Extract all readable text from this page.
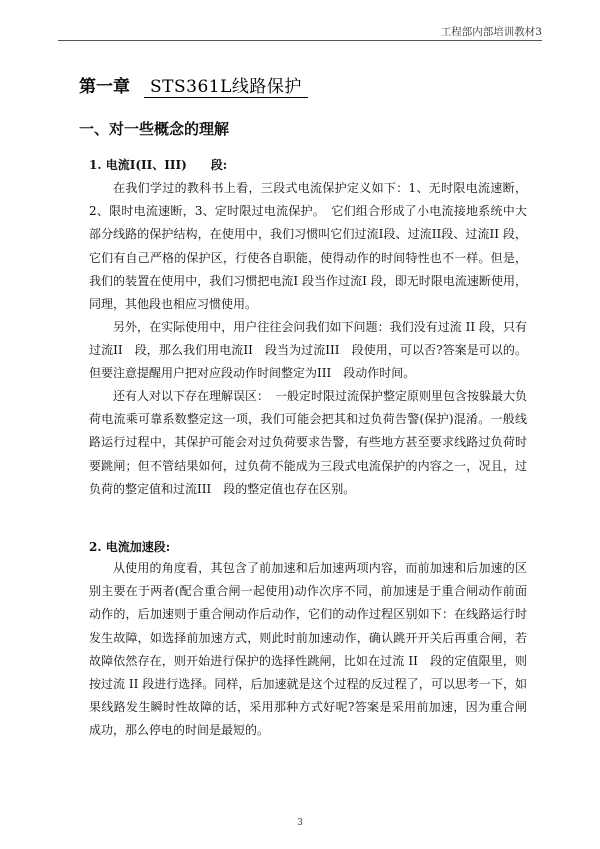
工程部内部培训教材3
第一章 STS361L线路保护
一、对一些概念的理解
1. 电流I(II、III)　　段:

在我们学过的教科书上看，三段式电流保护定义如下：1、无时限电流速断，2、限时电流速断，3、定时限过电流保护。　它们组合形成了小电流接地系统中大部分线路的保护结构，在使用中，我们习惯叫它们过流I段、过流II段、过流II 段，它们有自己严格的保护区，行使各自职能，使得动作的时间特性也不一样。但是，我们的装置在使用中，我们习惯把电流I 段当作过流I 段，即无时限电流速断使用，同理，其他段也相应习惯使用。

另外，在实际使用中，用户往往会问我们如下问题：我们没有过流 II 段，只有过流II　段，那么我们用电流II　段当为过流III　段使用，可以否?答案是可以的。但要注意提醒用户把对应段动作时间整定为III　段动作时间。

还有人对以下存在理解误区：　一般定时限过流保护整定原则里包含按躲最大负荷电流乘可靠系数整定这一项，我们可能会把其和过负荷告警(保护)混淆。一般线路运行过程中，其保护可能会对过负荷要求告警，有些地方甚至要求线路过负荷时要跳闸；但不管结果如何，过负荷不能成为三段式电流保护的内容之一，况且，过负荷的整定值和过流III　段的整定值也存在区别。

2. 电流加速段:

从使用的角度看，其包含了前加速和后加速两项内容，而前加速和后加速的区别主要在于两者(配合重合闸一起使用)动作次序不同，前加速是于重合闸动作前面动作的，后加速则于重合闸动作后动作，它们的动作过程区别如下：在线路运行时发生故障，如选择前加速方式，则此时前加速动作，确认跳开开关后再重合闸，若故障依然存在，则开始进行保护的选择性跳闸，比如在过流 II　段的定值限里，则按过流 II 段进行选择。同样，后加速就是这个过程的反过程了，可以思考一下，如果线路发生瞬时性故障的话，采用那种方式好呢?答案是采用前加速，因为重合闸成功，那么停电的时间是最短的。

3
